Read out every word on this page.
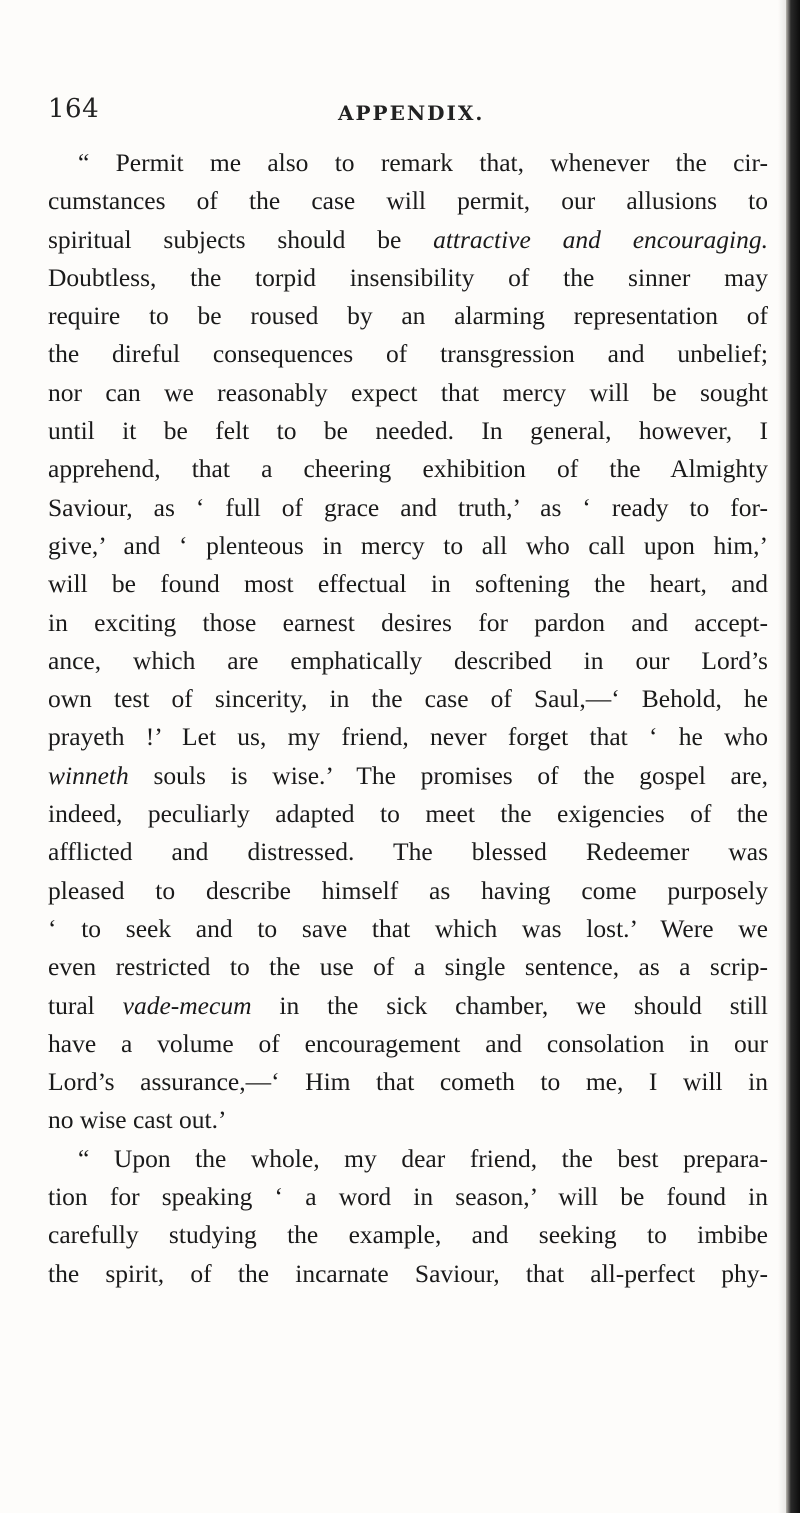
164	APPENDIX.
“ Permit me also to remark that, whenever the cir-
cumstances of the case will permit, our allusions to
spiritual subjects should be attractive and encouraging.
Doubtless, the torpid insensibility of the sinner may
require to be roused by an alarming representation of
the direful consequences of transgression and unbelief;
nor can we reasonably expect that mercy will be sought
until it be felt to be needed. In general, however, I
apprehend, that a cheering exhibition of the Almighty
Saviour, as ‘ full of grace and truth,’ as ‘ ready to for-
give,’ and ‘ plenteous in mercy to all who call upon him,’
will be found most effectual in softening the heart, and
in exciting those earnest desires for pardon and accept-
ance, which are emphatically described in our Lord’s
own test of sincerity, in the case of Saul,—‘ Behold, he
prayeth !’ Let us, my friend, never forget that ‘ he who
winneth souls is wise.’ The promises of the gospel are,
indeed, peculiarly adapted to meet the exigencies of the
afflicted and distressed. The blessed Redeemer was
pleased to describe himself as having come purposely
‘ to seek and to save that which was lost.’ Were we
even restricted to the use of a single sentence, as a scrip-
tural vade-mecum in the sick chamber, we should still
have a volume of encouragement and consolation in our
Lord’s assurance,—‘ Him that cometh to me, I will in
no wise cast out.’
“ Upon the whole, my dear friend, the best prepara-
tion for speaking ‘ a word in season,’ will be found in
carefully studying the example, and seeking to imbibe
the spirit, of the incarnate Saviour, that all-perfect phy-
